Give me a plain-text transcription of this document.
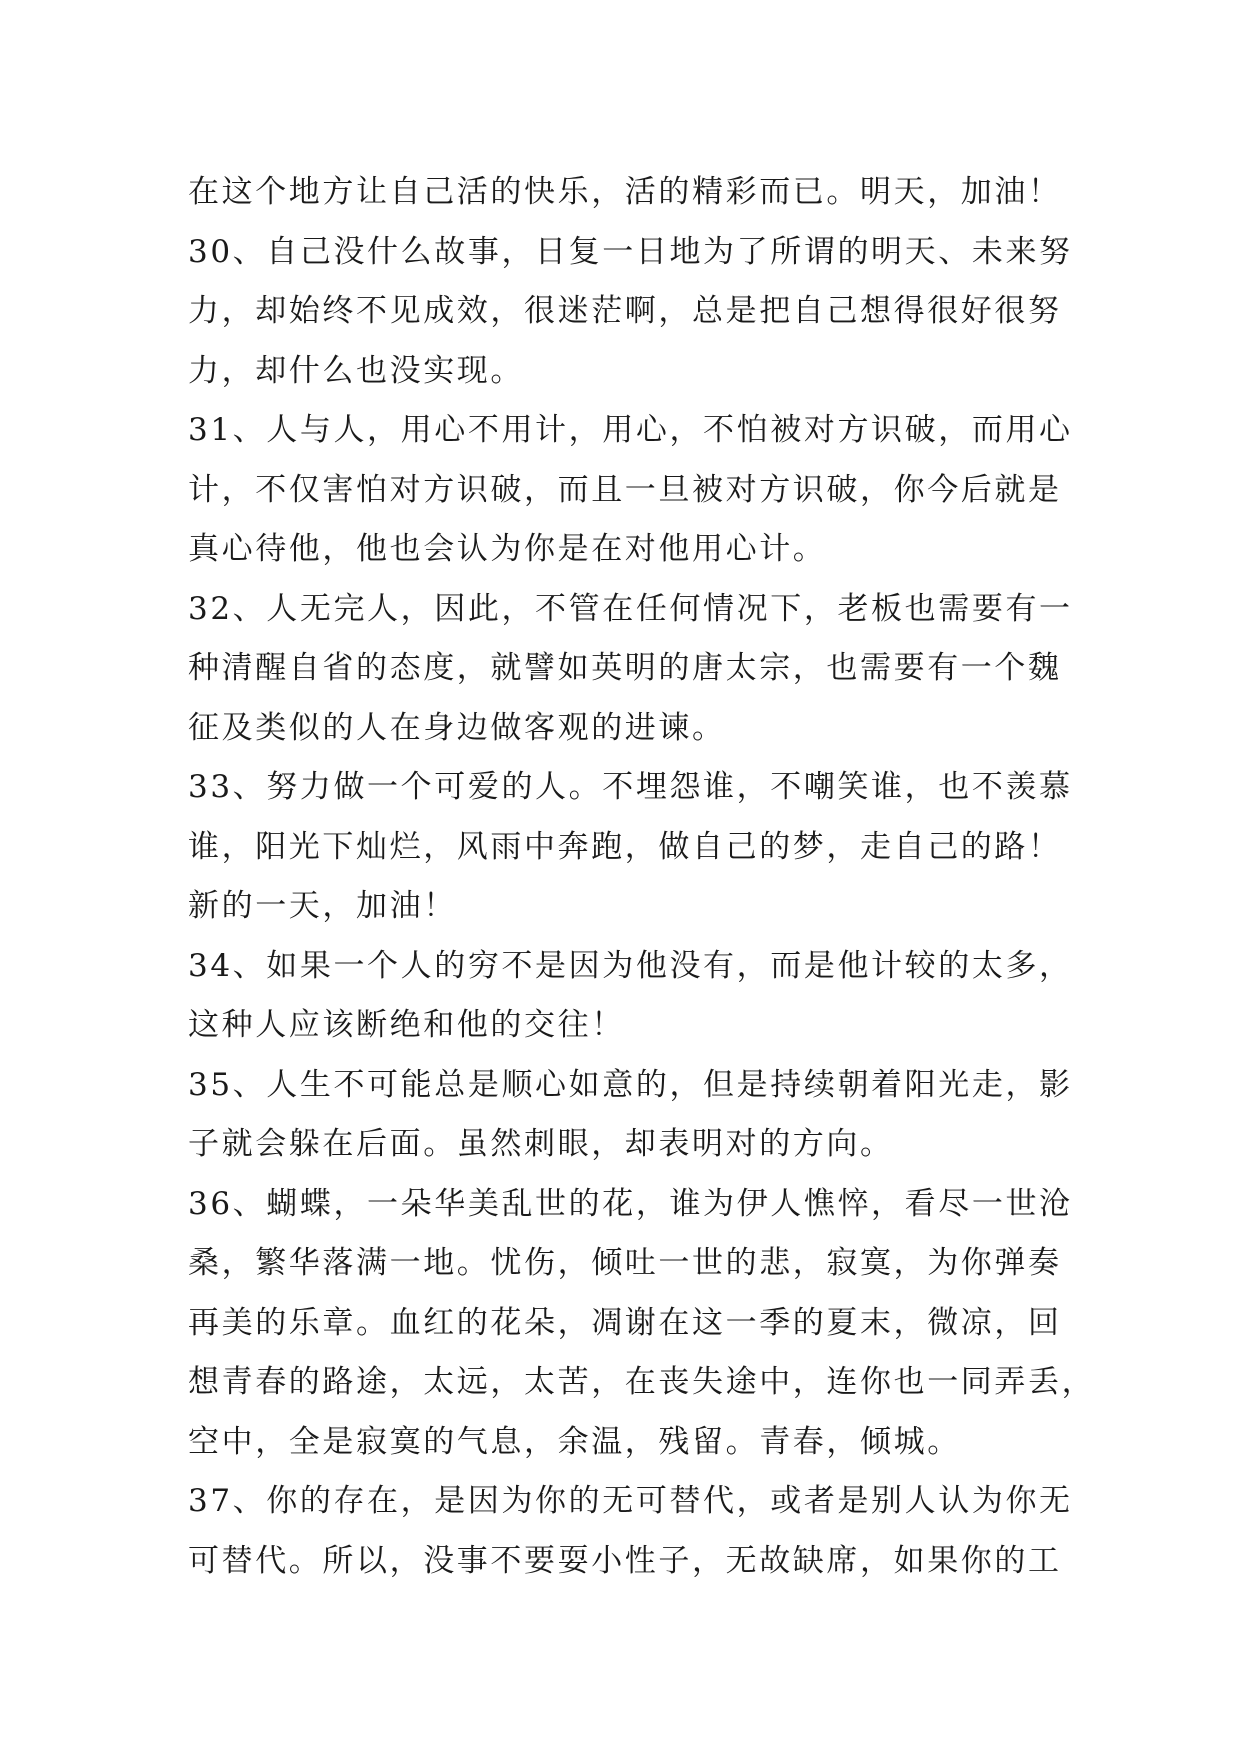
在这个地方让自己活的快乐，活的精彩而已。明天，加油！
30、自己没什么故事，日复一日地为了所谓的明天、未来努
力，却始终不见成效，很迷茫啊，总是把自己想得很好很努
力，却什么也没实现。
31、人与人，用心不用计，用心，不怕被对方识破，而用心
计，不仅害怕对方识破，而且一旦被对方识破，你今后就是
真心待他，他也会认为你是在对他用心计。
32、人无完人，因此，不管在任何情况下，老板也需要有一
种清醒自省的态度，就譬如英明的唐太宗，也需要有一个魏
征及类似的人在身边做客观的进谏。
33、努力做一个可爱的人。不埋怨谁，不嘲笑谁，也不羡慕
谁，阳光下灿烂，风雨中奔跑，做自己的梦，走自己的路！
新的一天，加油！
34、如果一个人的穷不是因为他没有，而是他计较的太多，
这种人应该断绝和他的交往！
35、人生不可能总是顺心如意的，但是持续朝着阳光走，影
子就会躲在后面。虽然刺眼，却表明对的方向。
36、蝴蝶，一朵华美乱世的花，谁为伊人憔悴，看尽一世沧
桑，繁华落满一地。忧伤，倾吐一世的悲，寂寞，为你弹奏
再美的乐章。血红的花朵，凋谢在这一季的夏末，微凉，回
想青春的路途，太远，太苦，在丧失途中，连你也一同弄丢，
空中，全是寂寞的气息，余温，残留。青春，倾城。
37、你的存在，是因为你的无可替代，或者是别人认为你无
可替代。所以，没事不要耍小性子，无故缺席，如果你的工
